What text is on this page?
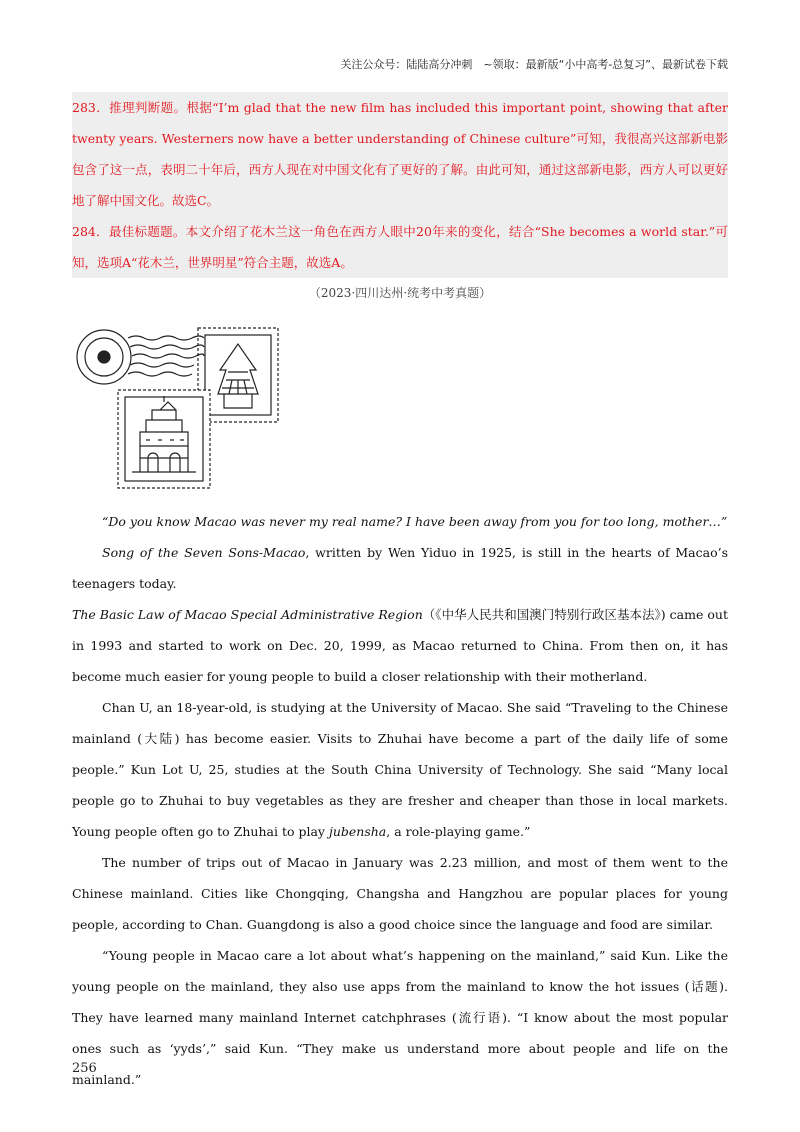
关注公众号：陆陆高分冲刺　~领取：最新版“小中高考-总复习”、最新试卷下载

283．推理判断题。根据“I’m glad that the new film has included this important point, showing that after twenty years. Westerners now have a better understanding of Chinese culture”可知，我很高兴这部新电影包含了这一点，表明二十年后，西方人现在对中国文化有了更好的了解。由此可知，通过这部新电影，西方人可以更好地了解中国文化。故选C。

284．最佳标题题。本文介绍了花木兰这一角色在西方人眼中20年来的变化，结合“She becomes a world star.”可知，选项A“花木兰，世界明星”符合主题，故选A。

（2023·四川达州·统考中考真题）

“Do you know Macao was never my real name? I have been away from you for too long, mother…”

Song of the Seven Sons-Macao, written by Wen Yiduo in 1925, is still in the hearts of Macao’s teenagers today.

The Basic Law of Macao Special Administrative Region（《中华人民共和国澳门特别行政区基本法》) came out in 1993 and started to work on Dec. 20, 1999, as Macao returned to China. From then on, it has become much easier for young people to build a closer relationship with their motherland.

Chan U, an 18-year-old, is studying at the University of Macao. She said “Traveling to the Chinese mainland (大陆) has become easier. Visits to Zhuhai have become a part of the daily life of some people.” Kun Lot U, 25, studies at the South China University of Technology. She said “Many local people go to Zhuhai to buy vegetables as they are fresher and cheaper than those in local markets. Young people often go to Zhuhai to play jubensha, a role-playing game.”

The number of trips out of Macao in January was 2.23 million, and most of them went to the Chinese mainland. Cities like Chongqing, Changsha and Hangzhou are popular places for young people, according to Chan. Guangdong is also a good choice since the language and food are similar.

“Young people in Macao care a lot about what’s happening on the mainland,” said Kun. Like the young people on the mainland, they also use apps from the mainland to know the hot issues (话题). They have learned many mainland Internet catchphrases (流行语). “I know about the most popular ones such as ‘yyds’,” said Kun. “They make us understand more about people and life on the mainland.”

256
